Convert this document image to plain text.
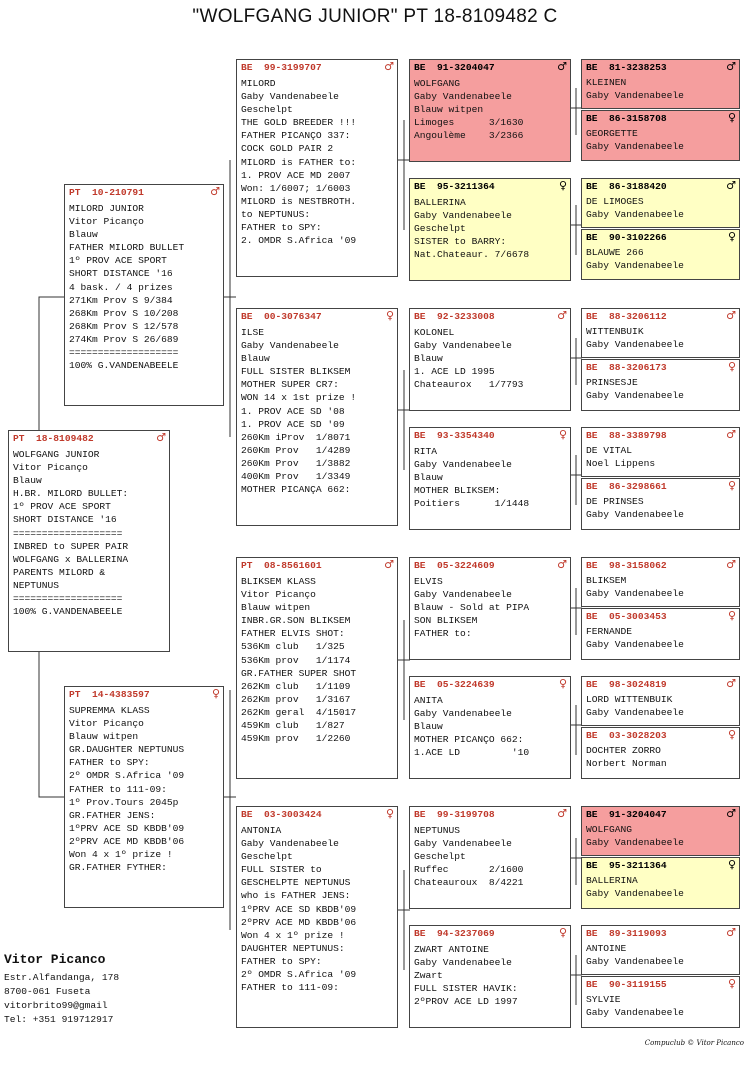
"WOLFGANG JUNIOR" PT 18-8109482 C
PT  18-8109482	♂
WOLFGANG JUNIOR
Vitor Picanço
Blauw
H.BR. MILORD BULLET:
1º PROV ACE SPORT
SHORT DISTANCE '16
===================
INBRED to SUPER PAIR
WOLFGANG x BALLERINA
PARENTS MILORD &
NEPTUNUS
===================
100% G.VANDENABEELE
PT  10-210791	♂
MILORD JUNIOR
Vitor Picanço
Blauw
FATHER MILORD BULLET
1º PROV ACE SPORT
SHORT DISTANCE '16
4 bask. / 4 prizes
271Km Prov S 9/384
268Km Prov S 10/208
268Km Prov S 12/578
274Km Prov S 26/689
===================
100% G.VANDENABEELE
PT  14-4383597	♀
SUPREMMA KLASS
Vitor Picanço
Blauw witpen
GR.DAUGHTER NEPTUNUS
FATHER to SPY:
2º OMDR S.Africa '09
FATHER to 111-09:
1º Prov.Tours 2045p
GR.FATHER JENS:
1ºPRV ACE SD KBDB'09
2ºPRV ACE MD KBDB'06
Won 4 x 1º prize !
GR.FATHER FYTHER:
BE  99-3199707	♂
MILORD
Gaby Vandenabeele
Geschelpt
THE GOLD BREEDER !!!
FATHER PICANÇO 337:
COCK GOLD PAIR 2
MILORD is FATHER to:
1. PROV ACE MD 2007
Won: 1/6007; 1/6003
MILORD is NESTBROTH.
to NEPTUNUS:
FATHER to SPY:
2. OMDR S.Africa '09
BE  00-3076347	♀
ILSE
Gaby Vandenabeele
Blauw
FULL SISTER BLIKSEM
MOTHER SUPER CR7:
WON 14 x 1st prize !
1. PROV ACE SD '08
1. PROV ACE SD '09
260Km iProv  1/8071
260Km Prov   1/4289
260Km Prov   1/3882
400Km Prov   1/3349
MOTHER PICANÇA 662:
PT  08-8561601	♂
BLIKSEM KLASS
Vitor Picanço
Blauw witpen
INBR.GR.SON BLIKSEM
FATHER ELVIS SHOT:
536Km club   1/325
536Km prov   1/1174
GR.FATHER SUPER SHOT
262Km club   1/1109
262Km prov   1/3167
262Km geral  4/15017
459Km club   1/827
459Km prov   1/2260
BE  03-3003424	♀
ANTONIA
Gaby Vandenabeele
Geschelpt
FULL SISTER to
GESCHELPTE NEPTUNUS
who is FATHER JENS:
1ºPRV ACE SD KBDB'09
2ºPRV ACE MD KBDB'06
Won 4 x 1º prize !
DAUGHTER NEPTUNUS:
FATHER to SPY:
2º OMDR S.Africa '09
FATHER to 111-09:
BE  91-3204047	♂
WOLFGANG
Gaby Vandenabeele
Blauw witpen
Limoges      3/1630
Angoulème    3/2366
BE  95-3211364	♀
BALLERINA
Gaby Vandenabeele
Geschelpt
SISTER to BARRY:
Nat.Chateaur. 7/6678
BE  92-3233008	♂
KOLONEL
Gaby Vandenabeele
Blauw
1. ACE LD 1995
Chateaurox   1/7793
BE  93-3354340	♀
RITA
Gaby Vandenabeele
Blauw
MOTHER BLIKSEM:
Poitiers      1/1448
BE  05-3224609	♂
ELVIS
Gaby Vandenabeele
Blauw - Sold at PIPA
SON BLIKSEM
FATHER to:
BE  05-3224639	♀
ANITA
Gaby Vandenabeele
Blauw
MOTHER PICANÇO 662:
1.ACE LD         '10
BE  99-3199708	♂
NEPTUNUS
Gaby Vandenabeele
Geschelpt
Ruffec       2/1600
Chateauroux  8/4221
BE  94-3237069	♀
ZWART ANTOINE
Gaby Vandenabeele
Zwart
FULL SISTER HAVIK:
2ºPROV ACE LD 1997
BE  81-3238253	♂
KLEINEN
Gaby Vandenabeele
BE  86-3158708	♀
GEORGETTE
Gaby Vandenabeele
BE  86-3188420	♂
DE LIMOGES
Gaby Vandenabeele
BE  90-3102266	♀
BLAUWE 266
Gaby Vandenabeele
BE  88-3206112	♂
WITTENBUIK
Gaby Vandenabeele
BE  88-3206173	♀
PRINSESJE
Gaby Vandenabeele
BE  88-3389798	♂
DE VITAL
Noel Lippens
BE  86-3298661	♀
DE PRINSES
Gaby Vandenabeele
BE  98-3158062	♂
BLIKSEM
Gaby Vandenabeele
BE  05-3003453	♀
FERNANDE
Gaby Vandenabeele
BE  98-3024819	♂
LORD WITTENBUIK
Gaby Vandenabeele
BE  03-3028203	♀
DOCHTER ZORRO
Norbert Norman
BE  91-3204047	♂
WOLFGANG
Gaby Vandenabeele
BE  95-3211364	♀
BALLERINA
Gaby Vandenabeele
BE  89-3119093	♂
ANTOINE
Gaby Vandenabeele
BE  90-3119155	♀
SYLVIE
Gaby Vandenabeele
Vitor Picanco
Estr.Alfandanga, 178
8700-061 Fuseta
vitorbrito99@gmail
Tel: +351 919712917
Compuclub © Vitor Picanco
